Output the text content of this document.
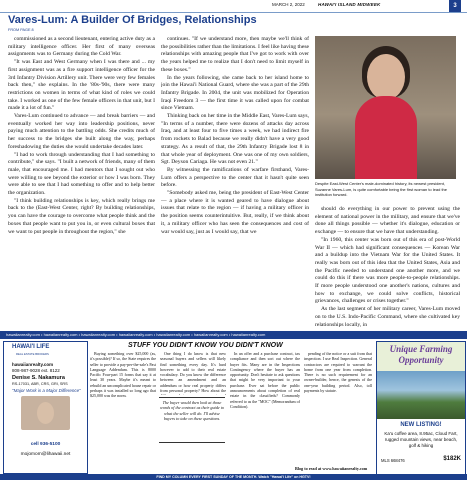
MARCH 2, 2022	HAWAI'I ISLAND MIDWEEK	3
Vares-Lum: A Builder Of Bridges, Relationships
FROM PAGE 8

commissioned as a second lieutenant, entering active duty as a military intelligence officer. Her first of many overseas assignments was to Germany during the Cold War.

"It was East and West Germany when I was there and ... my first assignment was as a fire support intelligence officer for the 3rd Infantry Division Artillery unit. There were very few females back then," she explains. In the '80s-'90s, there were many restrictions on women in terms of what kind of roles we could take. I worked as one of the few female officers in that unit, but I made it a lot of fun."

Vares-Lum continued to advance — and break barriers — and eventually worked her way into leadership positions, never paying much attention to the battling odds. She credits much of her success to the bridges she built along the way, perhaps foreshadowing the duties she would undertake decades later.

"I had to work through understanding that I had something to contribute," she says. "I built a network of friends, many of them male, that encouraged me. I had mentors that I sought out who were willing to see beyond the exterior or how I was born. They were able to see that I had something to offer and to help better the organization.

"I think building relationships is key, which really brings me back to the (East-West Center, right? By building relationships, you can have the courage to overcome what people think and the boxes that people want to put you in, or even cultural boxes that we want to put people in throughout the region," she

continues. "If we understand more, then maybe we'll think of the possibilities rather than the limitations. I feel like having these relationships with amazing people that I've got to work with over the years helped me to realize that I don't need to limit myself in these boxes."

In the years following, she came back to her island home to join the Hawai'i National Guard, where she was a part of the 29th Infantry Brigade. In 2004, the unit was mobilized for Operation Iraqi Freedom 3 — the first time it was called upon for combat since Vietnam.

Thinking back on her time in the Middle East, Vares-Lum says, "In terms of a number, there were dozens of attacks day across Iraq, and at least four to five times a week, we had indirect fire from rockets to Balad because we really didn't have a very good strategy. As a result of that, the 29th Infantry Brigade lost 8 in that whole year of deployment. One was one of my own soldiers, Sgt. Deyson Cariaga. He was not even 21."

By witnessing the ramifications of warfare firsthand, Vares-Lum offers a perspective to the center that it hasn't quite seen before.

"Somebody asked me, being the president of East-West Center — a place where it is wanted geared to have dialogue about issues that relate to the region — if having a military officer in the position seems counterintuitive. But, really, if we think about it, a military officer who has seen the consequences and cost of war would say, just as I would say, that we

Despite East-West Center's male-dominated history, its newest president, Suzanne Vares-Lum, is quite comfortable being the first woman to lead the institution forward.

should do everything in our power to prevent using the element of national power in the military, and ensure that we've done all things possible — whether it's dialogue, education or exchange — to ensure that we have that understanding.

"In 1960, this center was born out of this era of post-World War II — which had significant consequences — Korean War and a buildup into the Vietnam War for the United States. It really was born out of this idea that the United States, Asia and the Pacific needed to understand one another more, and we could do this if there was more people-to-people relationships. If more people understood one another's nations, cultures and how to exchange, we could solve conflicts, historical grievances, challenges or crises together."

As the last segment of her military career, Vares-Lum moved on to the U.S. Indo-Pacific Command, where she cultivated key relationships locally, in

hawaiianrealty.com • hawaiianrealty.com • hawaiianrealty.com • hawaiianrealty.com • hawaiianrealty.com • hawaiianrealty.com • hawaiianrealty.com
HAWAI'I LIFE
REAL ESTATE BROKERS
hawaiianrealty.com
808-987-9028 ext. 8122
Denise S. Nakamura
RS-17031, ABR, CRS, GRI, SRS
"Major Work is a Major Difference"
cell 936-5100
mojomom@lihawaii.net
STUFF YOU DIDN'T KNOW YOU DIDN'T KNOW

Buying something over $25,000 (as, it's possible)? If so, the State requires the seller to provide a pay-per-the-sale's Past Language Addendum. This is 8000 Pacific Four-part 15 forms that say it at least 30 years. Maybe it's meant to rebuild an uncomplicated house repair or perhaps it was installed so long ago that $25,000 was the norm.

One thing I do know is that new seasonal buyers and sellers will likely find something every day. It's hard however to add to their real estate vocabulary. Do you know the difference between an amendment and an addendum or how real property differs from personal property? How about the

The buyer would then look at those words of the contract as their guide to what the seller will do. I'll advise buyers to take on these questions.

In an offer and a purchase contract, tax compliance and then sort out where the buyer fits. Many are in the Inspections Contingency where the buyer has an opportunity. Don't hesitate to ask questions that might be very important to your purchase. Ever sat before the public announcements about completion of real estate in the classifieds? Commonly referred to as the "MOC" (Memorandum of Condition).

pending of the notice or a suit from that inspection. I use Real Inspection. General contractors are required to warrant the home from one year from completion. There is no such requirement for an owner-builder, hence, the genesis of the one-year building period. Also, toll payments by statute.

Blog to read at www.hawaiianrealty.com
Unique Farming Opportunity
NEW LISTING!
Ka'u coffee area, 8.95ac, Cloud Fart, rugged mountain views, near beach, golf & hiking
MLS 668476	$182K
FIND MY COLUMN EVERY FIRST SUNDAY OF THE MONTH. Watch "Hawai'i Life" on HGTV!
